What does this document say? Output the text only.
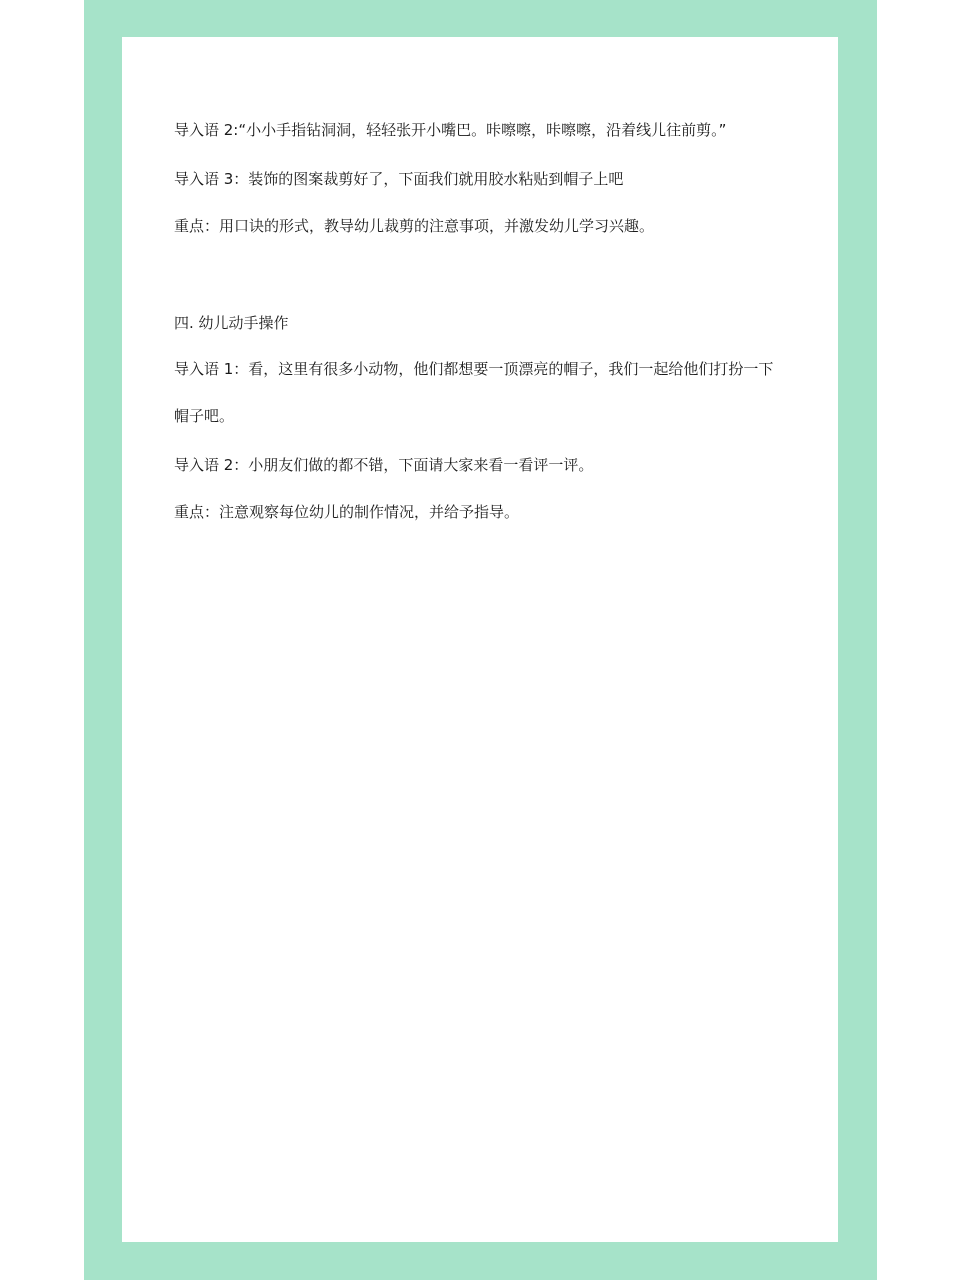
导入语 2:“小小手指钻洞洞，轻轻张开小嘴巴。咔嚓嚓，咔嚓嚓，沿着线儿往前剪。”

导入语 3：装饰的图案裁剪好了，下面我们就用胶水粘贴到帽子上吧

重点：用口诀的形式，教导幼儿裁剪的注意事项，并激发幼儿学习兴趣。

四. 幼儿动手操作

导入语 1：看，这里有很多小动物，他们都想要一顶漂亮的帽子，我们一起给他们打扮一下

帽子吧。

导入语 2：小朋友们做的都不错，下面请大家来看一看评一评。

重点：注意观察每位幼儿的制作情况，并给予指导。
